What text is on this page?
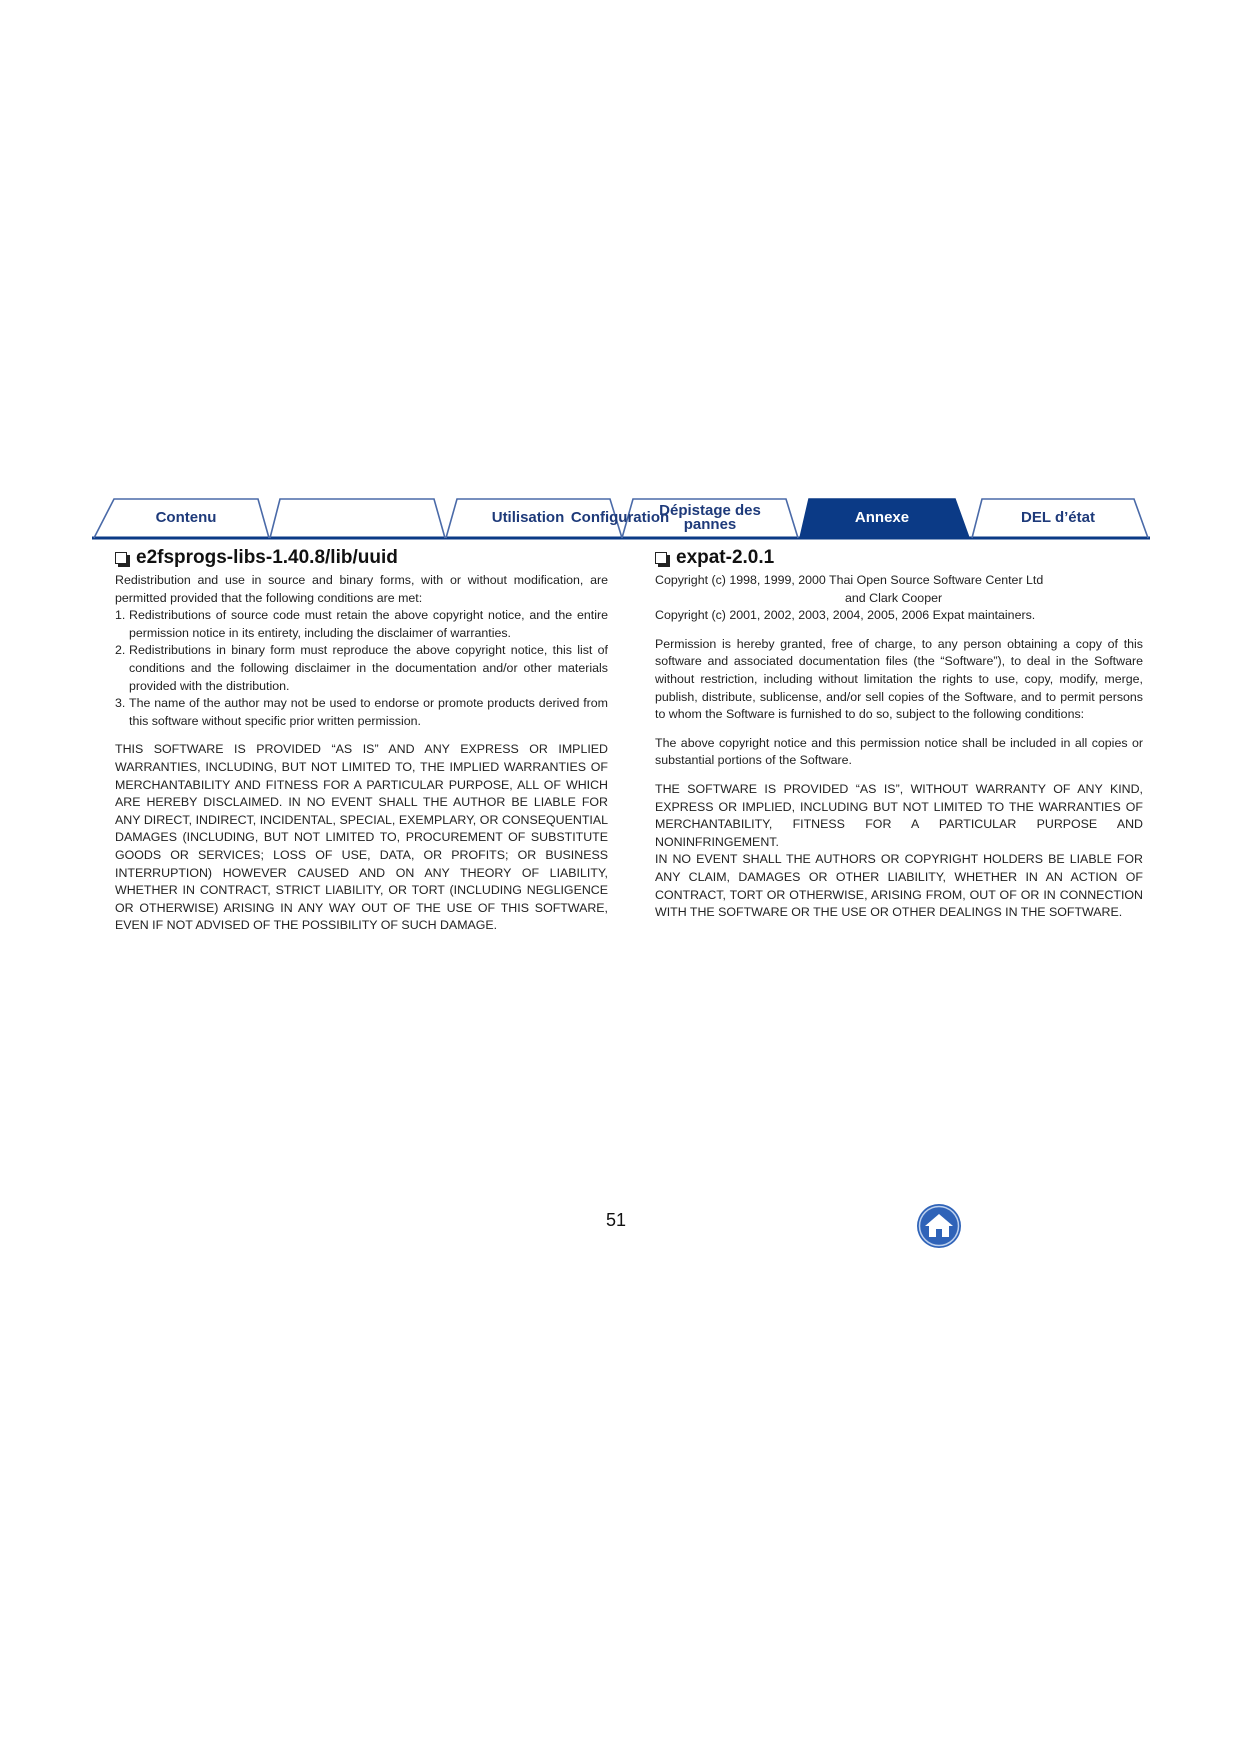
Contenu	Utilisation Configuration
Dépistage des pannes	Annexe	DEL d’état
e2fsprogs-libs-1.40.8/lib/uuid

Redistribution and use in source and binary forms, with or without modification, are permitted provided that the following conditions are met:

1. Redistributions of source code must retain the above copyright notice, and the entire permission notice in its entirety, including the disclaimer of warranties.
2. Redistributions in binary form must reproduce the above copyright notice, this list of conditions and the following disclaimer in the documentation and/or other materials provided with the distribution.
3. The name of the author may not be used to endorse or promote products derived from this software without specific prior written permission.

THIS SOFTWARE IS PROVIDED “AS IS” AND ANY EXPRESS OR IMPLIED WARRANTIES, INCLUDING, BUT NOT LIMITED TO, THE IMPLIED WARRANTIES OF MERCHANTABILITY AND FITNESS FOR A PARTICULAR PURPOSE, ALL OF WHICH ARE HEREBY DISCLAIMED. IN NO EVENT SHALL THE AUTHOR BE LIABLE FOR ANY DIRECT, INDIRECT, INCIDENTAL, SPECIAL, EXEMPLARY, OR CONSEQUENTIAL DAMAGES (INCLUDING, BUT NOT LIMITED TO, PROCUREMENT OF SUBSTITUTE GOODS OR SERVICES; LOSS OF USE, DATA, OR PROFITS; OR BUSINESS INTERRUPTION) HOWEVER CAUSED AND ON ANY THEORY OF LIABILITY, WHETHER IN CONTRACT, STRICT LIABILITY, OR TORT (INCLUDING NEGLIGENCE OR OTHERWISE) ARISING IN ANY WAY OUT OF THE USE OF THIS SOFTWARE, EVEN IF NOT ADVISED OF THE POSSIBILITY OF SUCH DAMAGE.

expat-2.0.1

Copyright (c) 1998, 1999, 2000 Thai Open Source Software Center Ltd

and Clark Cooper

Copyright (c) 2001, 2002, 2003, 2004, 2005, 2006 Expat maintainers.

Permission is hereby granted, free of charge, to any person obtaining a copy of this software and associated documentation files (the “Software”), to deal in the Software without restriction, including without limitation the rights to use, copy, modify, merge, publish, distribute, sublicense, and/or sell copies of the Software, and to permit persons to whom the Software is furnished to do so, subject to the following conditions:

The above copyright notice and this permission notice shall be included in all copies or substantial portions of the Software.

THE SOFTWARE IS PROVIDED “AS IS”, WITHOUT WARRANTY OF ANY KIND, EXPRESS OR IMPLIED, INCLUDING BUT NOT LIMITED TO THE WARRANTIES OF MERCHANTABILITY, FITNESS FOR A PARTICULAR PURPOSE AND NONINFRINGEMENT.

IN NO EVENT SHALL THE AUTHORS OR COPYRIGHT HOLDERS BE LIABLE FOR ANY CLAIM, DAMAGES OR OTHER LIABILITY, WHETHER IN AN ACTION OF CONTRACT, TORT OR OTHERWISE, ARISING FROM, OUT OF OR IN CONNECTION WITH THE SOFTWARE OR THE USE OR OTHER DEALINGS IN THE SOFTWARE.

51
